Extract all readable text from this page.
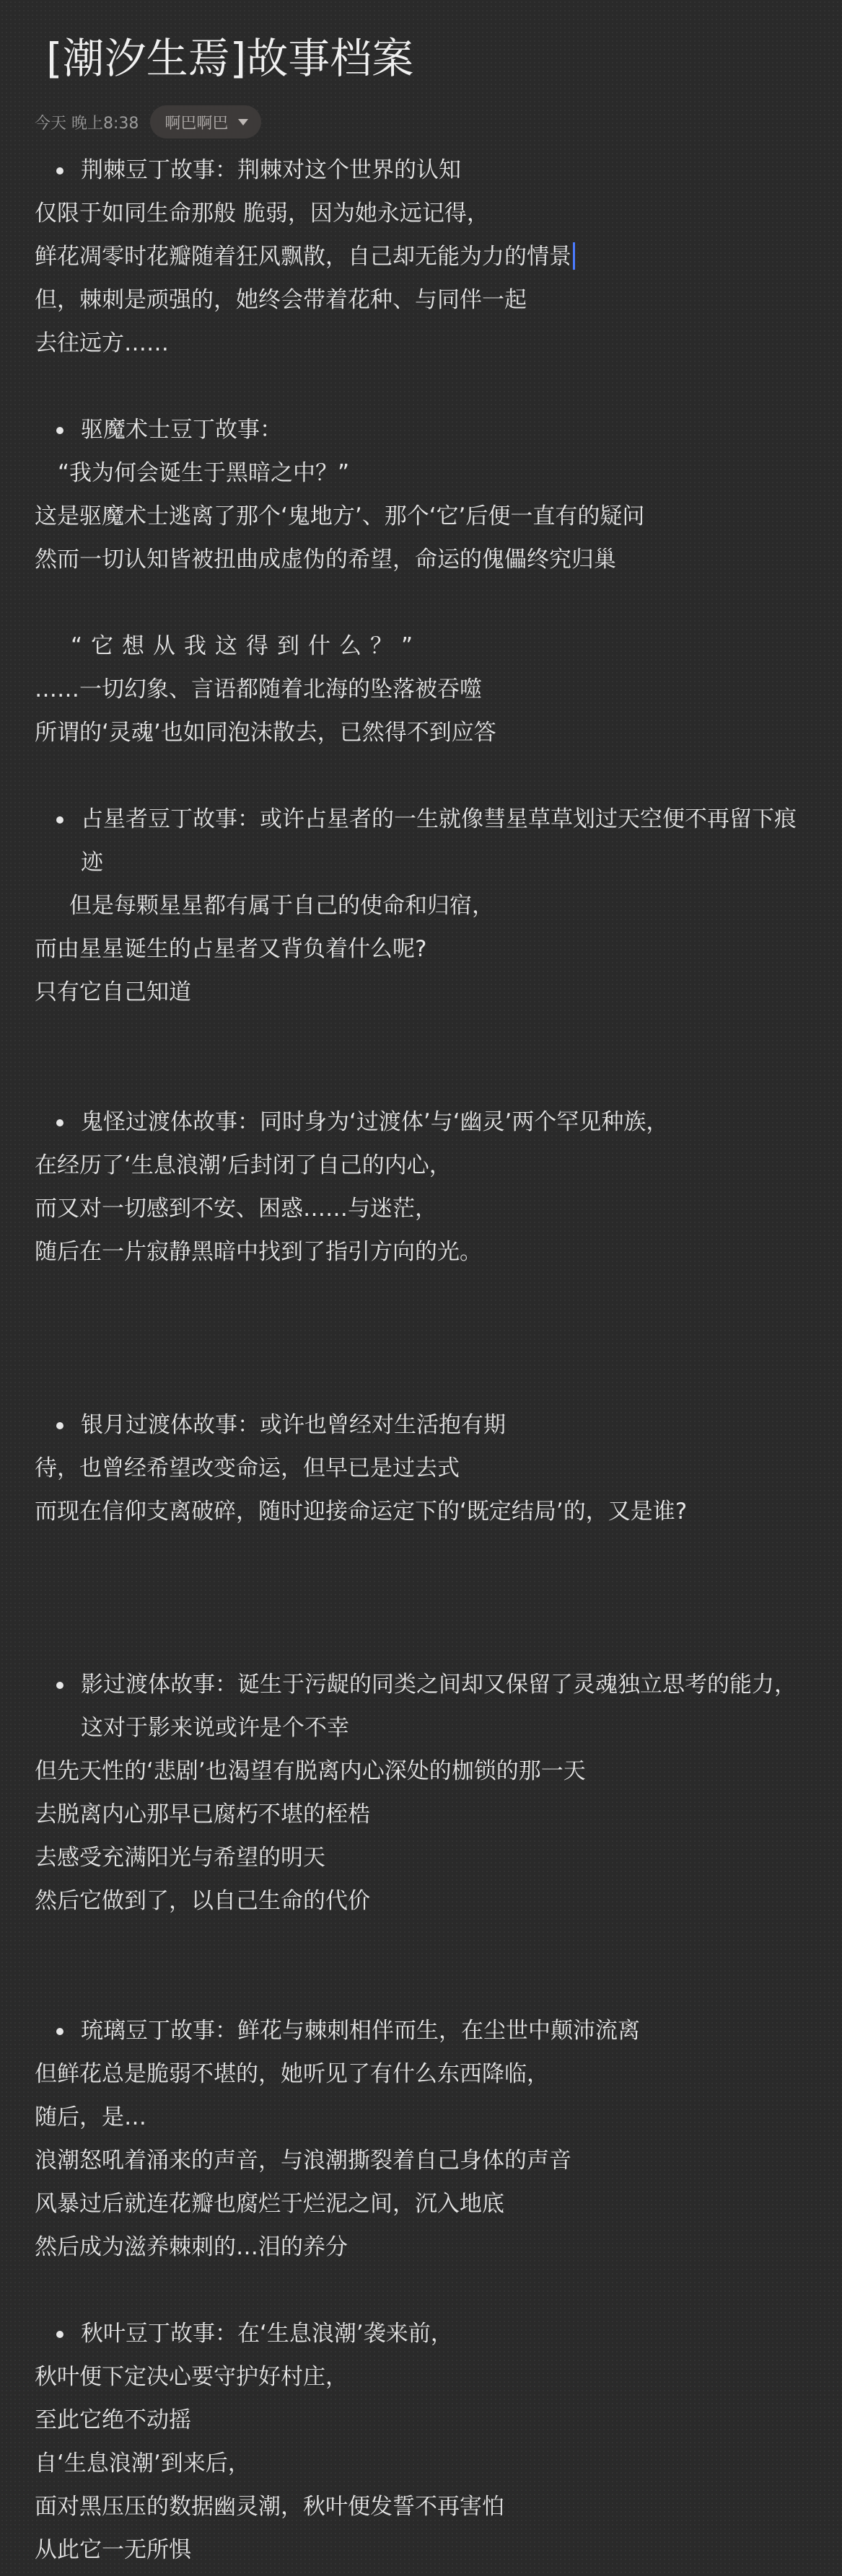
[潮汐生焉]故事档案
今天 晚上8:38 啊巴啊巴
荆棘豆丁故事：荆棘对这个世界的认知
仅限于如同生命那般 脆弱，因为她永远记得，
鲜花凋零时花瓣随着狂风飘散，自己却无能为力的情景
但，棘刺是顽强的，她终会带着花种、与同伴一起
去往远方……
驱魔术士豆丁故事：
“我为何会诞生于黑暗之中？”
这是驱魔术士逃离了那个‘鬼地方’、那个‘它’后便一直有的疑问
然而一切认知皆被扭曲成虚伪的希望，命运的傀儡终究归巢
“它想从我这得到什么？”
……一切幻象、言语都随着北海的坠落被吞噬
所谓的‘灵魂’也如同泡沫散去，已然得不到应答
占星者豆丁故事：或许占星者的一生就像彗星草草划过天空便不再留下痕迹
但是每颗星星都有属于自己的使命和归宿，
而由星星诞生的占星者又背负着什么呢?
只有它自己知道
鬼怪过渡体故事：同时身为‘过渡体’与‘幽灵’两个罕见种族，
在经历了‘生息浪潮’后封闭了自己的内心，
而又对一切感到不安、困惑……与迷茫，
随后在一片寂静黑暗中找到了指引方向的光。
银月过渡体故事：或许也曾经对生活抱有期
待，也曾经希望改变命运，但早已是过去式
而现在信仰支离破碎，随时迎接命运定下的‘既定结局’的，又是谁?
影过渡体故事：诞生于污龊的同类之间却又保留了灵魂独立思考的能力，这对于影来说或许是个不幸
但先天性的‘悲剧’也渴望有脱离内心深处的枷锁的那一天
去脱离内心那早已腐朽不堪的桎梏
去感受充满阳光与希望的明天
然后它做到了，以自己生命的代价
琉璃豆丁故事：鲜花与棘刺相伴而生，在尘世中颠沛流离
但鲜花总是脆弱不堪的，她听见了有什么东西降临，
随后，是…
浪潮怒吼着涌来的声音，与浪潮撕裂着自己身体的声音
风暴过后就连花瓣也腐烂于烂泥之间，沉入地底
然后成为滋养棘刺的…泪的养分
秋叶豆丁故事：在‘生息浪潮’袭来前，
秋叶便下定决心要守护好村庄，
至此它绝不动摇
自‘生息浪潮’到来后，
面对黑压压的数据幽灵潮，秋叶便发誓不再害怕
从此它一无所惧
